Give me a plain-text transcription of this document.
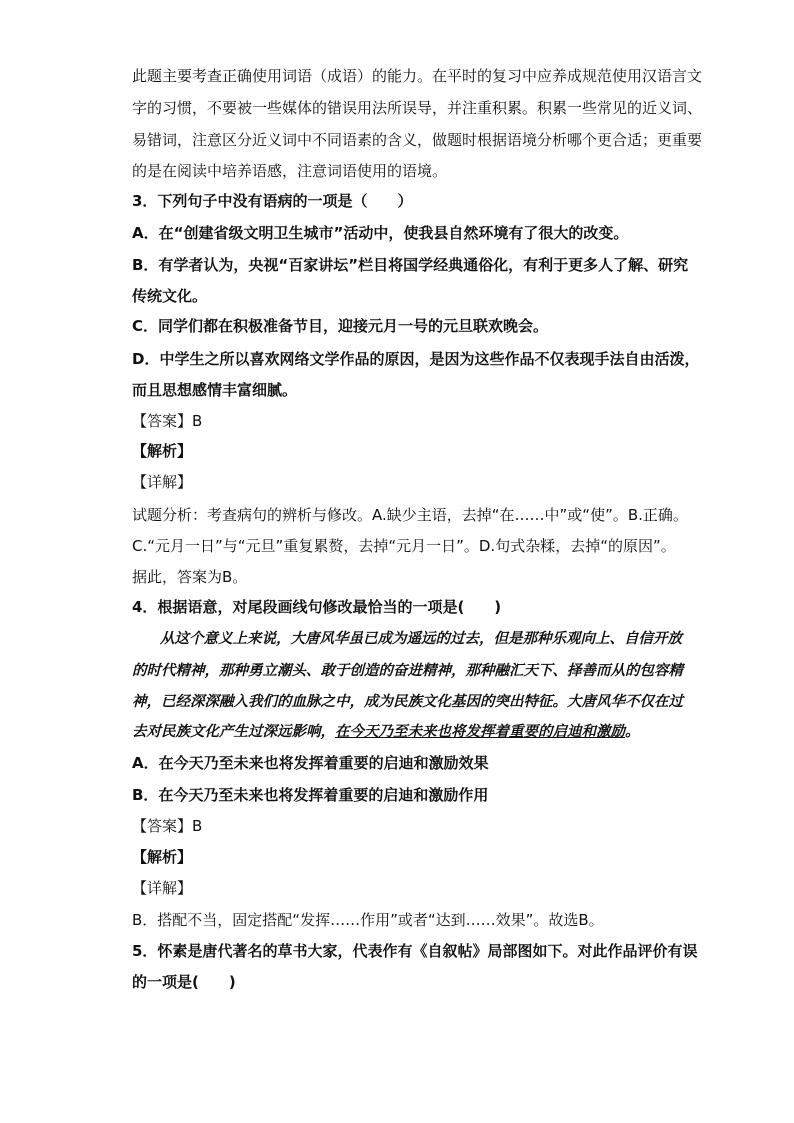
此题主要考查正确使用词语（成语）的能力。在平时的复习中应养成规范使用汉语言文
字的习惯，不要被一些媒体的错误用法所误导，并注重积累。积累一些常见的近义词、
易错词，注意区分近义词中不同语素的含义，做题时根据语境分析哪个更合适；更重要
的是在阅读中培养语感，注意词语使用的语境。
3．下列句子中没有语病的一项是（　　）
A．在“创建省级文明卫生城市”活动中，使我县自然环境有了很大的改变。
B．有学者认为，央视“百家讲坛”栏目将国学经典通俗化，有利于更多人了解、研究
传统文化。
C．同学们都在积极准备节目，迎接元月一号的元旦联欢晚会。
D．中学生之所以喜欢网络文学作品的原因，是因为这些作品不仅表现手法自由活泼，
而且思想感情丰富细腻。
【答案】B
【解析】
【详解】
试题分析：考查病句的辨析与修改。A.缺少主语，去掉“在……中”或“使”。B.正确。
C.“元月一日”与“元旦”重复累赘，去掉“元月一日”。D.句式杂糅，去掉“的原因”。
据此，答案为B。
4．根据语意，对尾段画线句修改最恰当的一项是(　　)
从这个意义上来说，大唐风华虽已成为遥远的过去，但是那种乐观向上、自信开放
的时代精神，那种勇立潮头、敢于创造的奋进精神，那种融汇天下、择善而从的包容精
神，已经深深融入我们的血脉之中，成为民族文化基因的突出特征。大唐风华不仅在过
去对民族文化产生过深远影响，在今天乃至未来也将发挥着重要的启迪和激励。
A．在今天乃至未来也将发挥着重要的启迪和激励效果
B．在今天乃至未来也将发挥着重要的启迪和激励作用
【答案】B
【解析】
【详解】
B．搭配不当，固定搭配“发挥……作用”或者“达到……效果”。故选B。
5．怀素是唐代著名的草书大家，代表作有《自叙帖》局部图如下。对此作品评价有误
的一项是(　　)
